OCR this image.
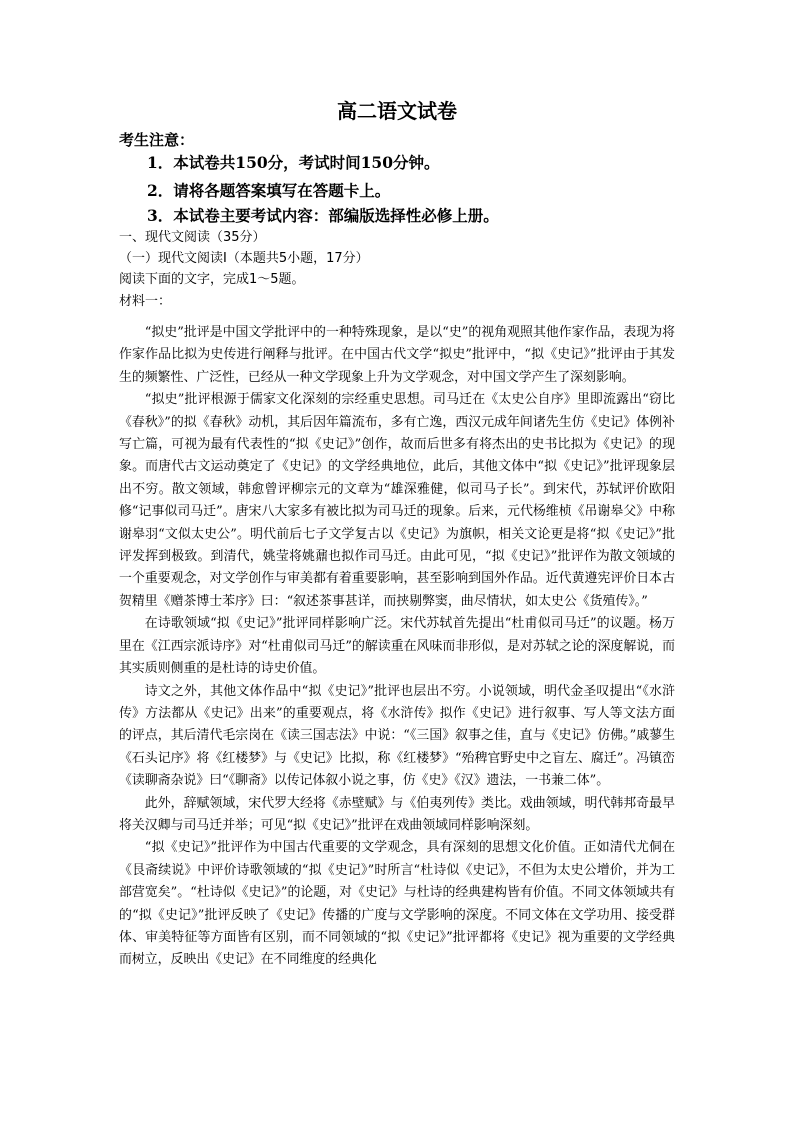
高二语文试卷
考生注意：
1．本试卷共150分，考试时间150分钟。
2．请将各题答案填写在答题卡上。
3．本试卷主要考试内容：部编版选择性必修上册。
一、现代文阅读（35分）
（一）现代文阅读Ⅰ（本题共5小题，17分）
阅读下面的文字，完成1～5题。
材料一：

“拟史”批评是中国文学批评中的一种特殊现象，是以“史”的视角观照其他作家作品，表现为将作家作品比拟为史传进行阐释与批评。在中国古代文学“拟史”批评中，“拟《史记》”批评由于其发生的频繁性、广泛性，已经从一种文学现象上升为文学观念，对中国文学产生了深刻影响。

“拟史”批评根源于儒家文化深刻的宗经重史思想。司马迁在《太史公自序》里即流露出“窃比《春秋》”的拟《春秋》动机，其后因年篇流布，多有亡逸，西汉元成年间诸先生仿《史记》体例补写亡篇，可视为最有代表性的“拟《史记》”创作，故而后世多有将杰出的史书比拟为《史记》的现象。而唐代古文运动奠定了《史记》的文学经典地位，此后，其他文体中“拟《史记》”批评现象层出不穷。散文领域，韩愈曾评柳宗元的文章为“雄深雅健，似司马子长”。到宋代，苏轼评价欧阳修“记事似司马迁”。唐宋八大家多有被比拟为司马迁的现象。后来，元代杨维桢《吊谢皋父》中称谢皋羽“文似太史公”。明代前后七子文学复古以《史记》为旗帜，相关文论更是将“拟《史记》”批评发挥到极致。到清代，姚莹将姚鼐也拟作司马迁。由此可见，“拟《史记》”批评作为散文领域的一个重要观念，对文学创作与审美都有着重要影响，甚至影响到国外作品。近代黄遵宪评价日本古贺精里《赠茶博士苯序》曰：“叙述茶事甚详，而挟剔弊窦，曲尽情状，如太史公《货殖传》。”

在诗歌领域“拟《史记》”批评同样影响广泛。宋代苏轼首先提出“杜甫似司马迁”的议题。杨万里在《江西宗派诗序》对“杜甫似司马迁”的解读重在风味而非形似，是对苏轼之论的深度解说，而其实质则侧重的是杜诗的诗史价值。

诗文之外，其他文体作品中“拟《史记》”批评也层出不穷。小说领域，明代金圣叹提出“《水浒传》方法都从《史记》出来”的重要观点，将《水浒传》拟作《史记》进行叙事、写人等文法方面的评点，其后清代毛宗岗在《读三国志法》中说：“《三国》叙事之佳，直与《史记》仿佛。”戚蓼生《石头记序》将《红楼梦》与《史记》比拟，称《红楼梦》“殆稗官野史中之盲左、腐迁”。冯镇峦《读聊斋杂说》曰“《聊斋》以传记体叙小说之事，仿《史》《汉》遗法，一书兼二体”。

此外，辞赋领域，宋代罗大经将《赤壁赋》与《伯夷列传》类比。戏曲领域，明代韩邦奇最早将关汉卿与司马迁并举；可见“拟《史记》”批评在戏曲领域同样影响深刻。

“拟《史记》”批评作为中国古代重要的文学观念，具有深刻的思想文化价值。正如清代尤侗在《艮斋续说》中评价诗歌领域的“拟《史记》”时所言“杜诗似《史记》，不但为太史公增价，并为工部营宽矣”。“杜诗似《史记》”的论题，对《史记》与杜诗的经典建构皆有价值。不同文体领域共有的“拟《史记》”批评反映了《史记》传播的广度与文学影响的深度。不同文体在文学功用、接受群体、审美特征等方面皆有区别，而不同领域的“拟《史记》”批评都将《史记》视为重要的文学经典而树立，反映出《史记》在不同维度的经典化
